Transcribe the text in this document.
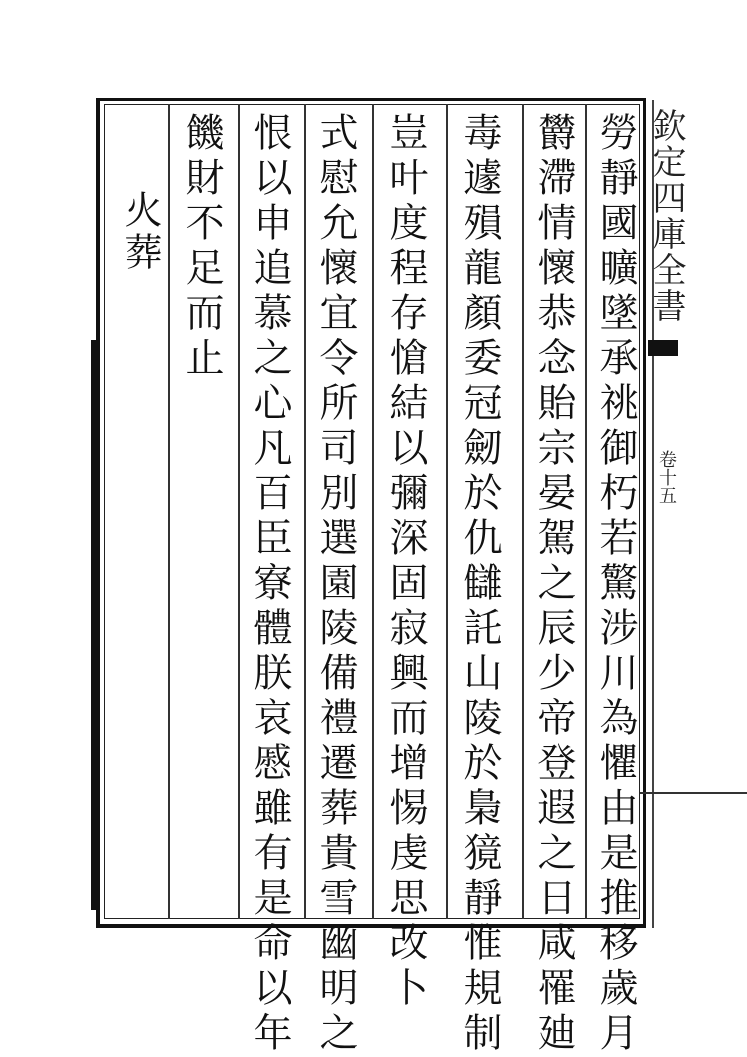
勞靜國曠墜承祧御朽若驚涉川為懼由是推移歲月
欝滯情懷恭念貽宗晏駕之辰少帝登遐之日咸罹廸
毒遽殞龍顏委冠劒於仇讎託山陵於梟獍靜惟規制
豈叶度程存愴結以彌深固寂興而增惕虔思改卜
式慰允懷宜令所司別選園陵備禮遷葬貴雪幽明之
恨以申追慕之心凡百臣寮體朕哀慼雖有是命以年
饑財不足而止
火葬	欽定四庫全書
卷十五
